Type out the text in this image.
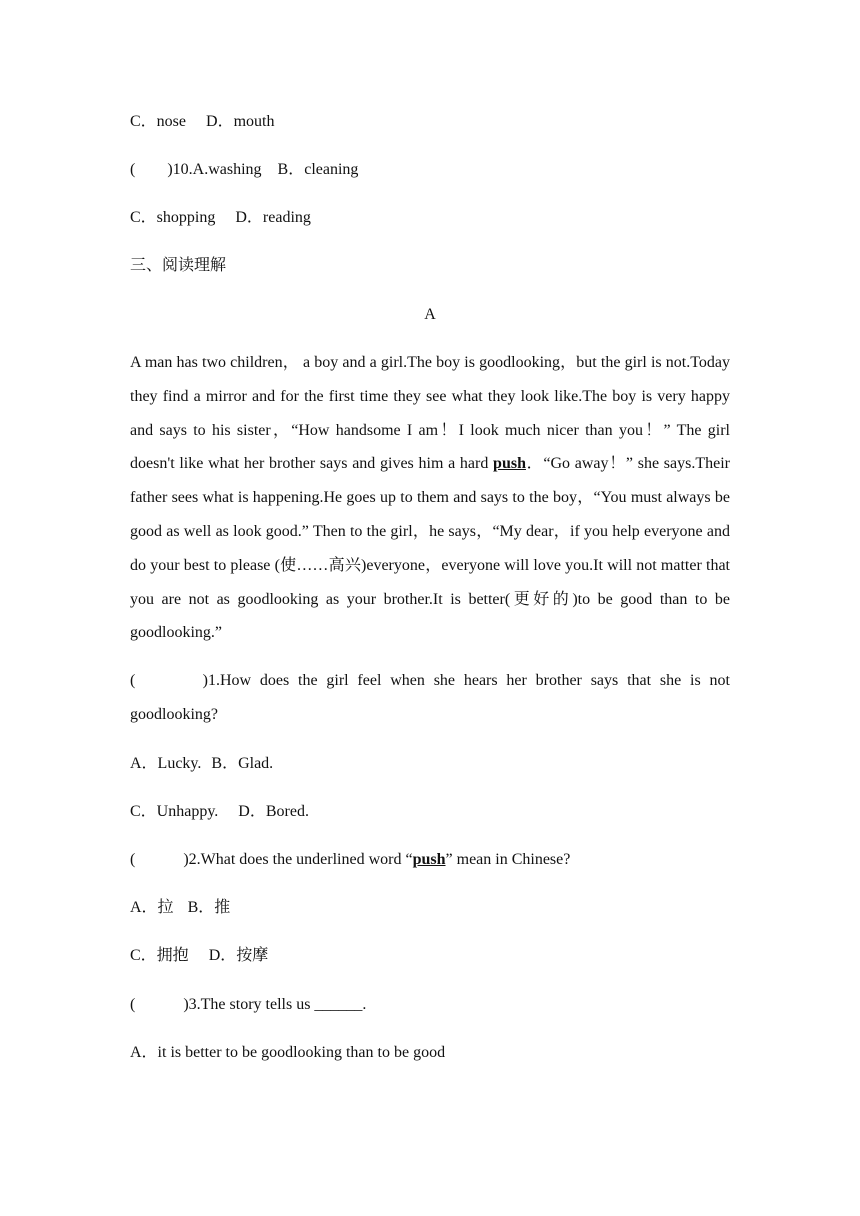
C．nose D．mouth
(　　)10.A.washing B．cleaning
C．shopping D．reading
三、阅读理解
A
A man has two children， a boy and a girl.The boy is goodlooking，but the girl is not.Today they find a mirror and for the first time they see what they look like.The boy is very happy and says to his sister，“How handsome I am！I look much nicer than you！” The girl doesn't like what her brother says and gives him a hard push．“Go away！” she says.Their father sees what is happening.He goes up to them and says to the boy，“You must always be good as well as look good.” Then to the girl，he says，“My dear，if you help everyone and do your best to please (使……高兴)everyone，everyone will love you.It will not matter that you are not as goodlooking as your brother.It is better(更好的)to be good than to be goodlooking.”
(　　　)1.How does the girl feel when she hears her brother says that she is not goodlooking?
A．Lucky. B．Glad.
C．Unhappy. D．Bored.
(　　　)2.What does the underlined word “push” mean in Chinese?
A．拉 B．推
C．拥抱 D．按摩
(　　　)3.The story tells us ______.
A．it is better to be goodlooking than to be good
